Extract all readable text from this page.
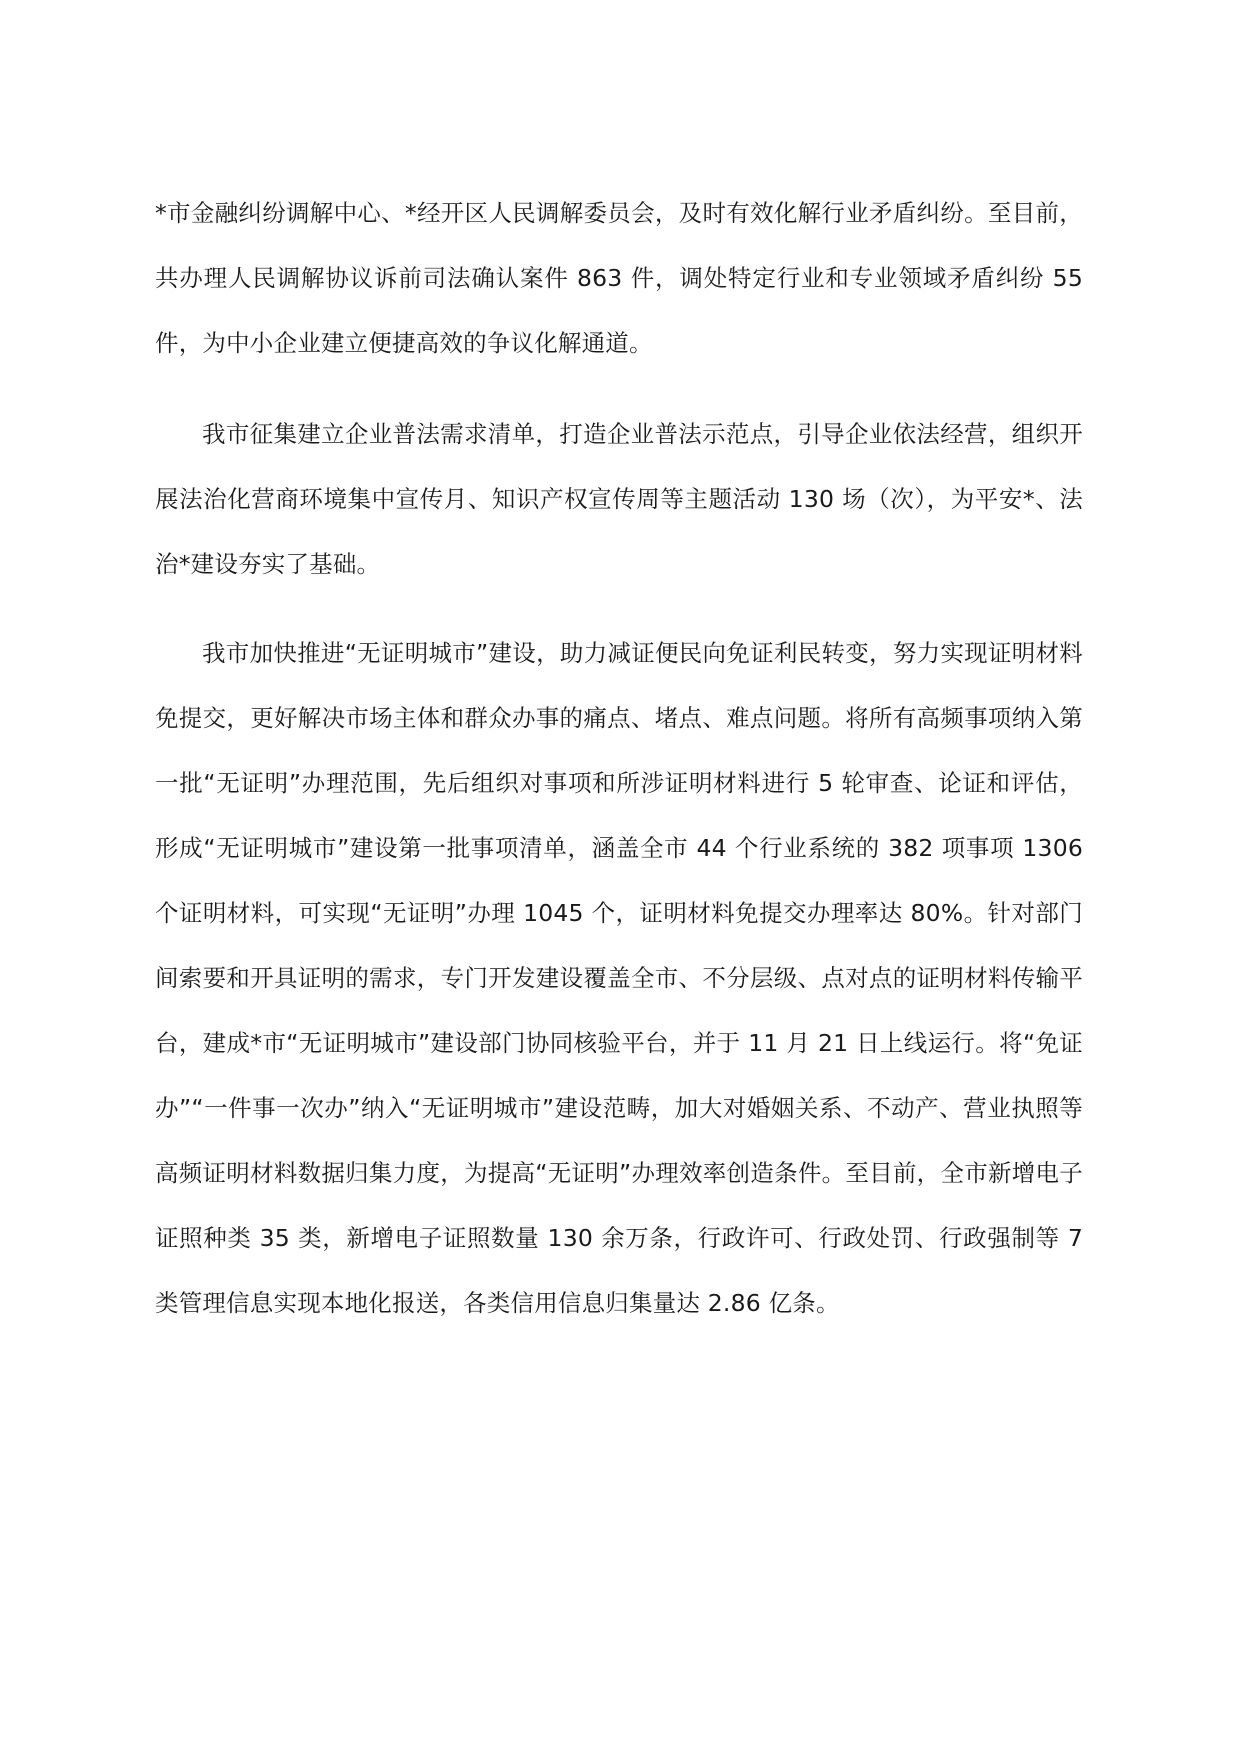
*市金融纠纷调解中心、*经开区人民调解委员会，及时有效化解行业矛盾纠纷。至目前，共办理人民调解协议诉前司法确认案件 863 件，调处特定行业和专业领域矛盾纠纷 55 件，为中小企业建立便捷高效的争议化解通道。

我市征集建立企业普法需求清单，打造企业普法示范点，引导企业依法经营，组织开展法治化营商环境集中宣传月、知识产权宣传周等主题活动 130 场（次），为平安*、法治*建设夯实了基础。

我市加快推进“无证明城市”建设，助力减证便民向免证利民转变，努力实现证明材料免提交，更好解决市场主体和群众办事的痛点、堵点、难点问题。将所有高频事项纳入第一批“无证明”办理范围，先后组织对事项和所涉证明材料进行 5 轮审查、论证和评估，形成“无证明城市”建设第一批事项清单，涵盖全市 44 个行业系统的 382 项事项 1306 个证明材料，可实现“无证明”办理 1045 个，证明材料免提交办理率达 80%。针对部门间索要和开具证明的需求，专门开发建设覆盖全市、不分层级、点对点的证明材料传输平台，建成*市“无证明城市”建设部门协同核验平台，并于 11 月 21 日上线运行。将“免证办”“一件事一次办”纳入“无证明城市”建设范畴，加大对婚姻关系、不动产、营业执照等高频证明材料数据归集力度，为提高“无证明”办理效率创造条件。至目前，全市新增电子证照种类 35 类，新增电子证照数量 130 余万条，行政许可、行政处罚、行政强制等 7 类管理信息实现本地化报送，各类信用信息归集量达 2.86 亿条。
